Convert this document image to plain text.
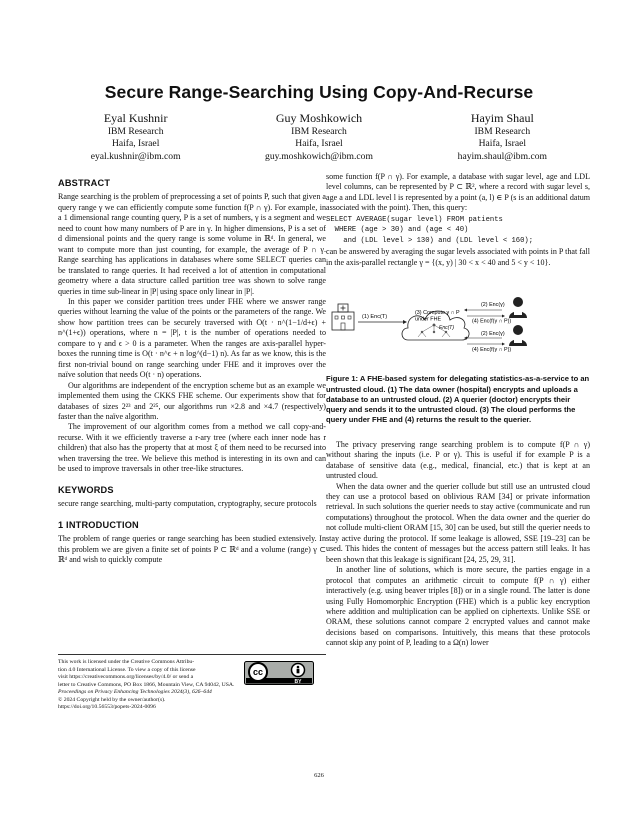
Secure Range-Searching Using Copy-And-Recurse
Eyal Kushnir
IBM Research
Haifa, Israel
eyal.kushnir@ibm.com
Guy Moshkowich
IBM Research
Haifa, Israel
guy.moshkowich@ibm.com
Hayim Shaul
IBM Research
Haifa, Israel
hayim.shaul@ibm.com
ABSTRACT

Range searching is the problem of preprocessing a set of points P, such that given a query range γ we can efficiently compute some function f(P ∩ γ). For example, in a 1 dimensional range counting query, P is a set of numbers, γ is a segment and we need to count how many numbers of P are in γ. In higher dimensions, P is a set of d dimensional points and the query range is some volume in ℝᵈ. In general, we want to compute more than just counting, for example, the average of P ∩ γ. Range searching has applications in databases where some SELECT queries can be translated to range queries. It had received a lot of attention in computational geometry where a data structure called partition tree was shown to solve range queries in time sub-linear in |P| using space only linear in |P|.

In this paper we consider partition trees under FHE where we answer range queries without learning the value of the points or the parameters of the range. We show how partition trees can be securely traversed with O(t · n^(1−1/d+ϵ) + n^(1+ϵ)) operations, where n = |P|, t is the number of operations needed to compare to γ and ϵ > 0 is a parameter. When the ranges are axis-parallel hyper-boxes the running time is O(t · n^ϵ + n log^(d−1) n). As far as we know, this is the first non-trivial bound on range searching under FHE and it improves over the naïve solution that needs O(t · n) operations.

Our algorithms are independent of the encryption scheme but as an example we implemented them using the CKKS FHE scheme. Our experiments show that for databases of sizes 2²³ and 2²⁵, our algorithms run ×2.8 and ×4.7 (respectively) faster than the naïve algorithm.

The improvement of our algorithm comes from a method we call copy-and-recurse. With it we efficiently traverse a r-ary tree (where each inner node has r children) that also has the property that at most ξ of them need to be recursed into when traversing the tree. We believe this method is interesting in its own and can be used to improve traversals in other tree-like structures.

KEYWORDS

secure range searching, multi-party computation, cryptography, secure protocols

1 INTRODUCTION

The problem of range queries or range searching has been studied extensively. In this problem we are given a finite set of points P ⊂ ℝᵈ and a volume (range) γ ⊂ ℝᵈ and wish to quickly compute

This work is licensed under the Creative Commons Attribu-
tion 4.0 International License. To view a copy of this license
visit https://creativecommons.org/licenses/by/4.0/ or send a
letter to Creative Commons, PO Box 1866, Mountain View, CA 94042, USA.
Proceedings on Privacy Enhancing Technologies 2024(3), 626–644
© 2024 Copyright held by the owner/author(s).
https://doi.org/10.56553/popets-2024-0096
cc
BY

some function f(P ∩ γ). For example, a database with sugar level, age and LDL level columns, can be represented by P ⊂ ℝ², where a record with sugar level s, age a and LDL level l is represented by a point (a, l) ∈ P (s is an additional datum associated with the point). Then, this query:

SELECT AVERAGE(sugar level) FROM patients
WHERE (age > 30) and (age < 40)
and (LDL level > 130) and (LDL level < 160);

can be answered by averaging the sugar levels associated with points in P that fall in the axis-parallel rectangle γ = {(x, y) | 30 < x < 40 and 5 < y < 10}.

(1) Enc(T)
(3) Compute γ ∩ P
under FHE
Enc(T)
(2) Enc(γ)
(4) Enc(f(γ ∩ P))
(2) Enc(γ)
(4) Enc(f(γ ∩ P))
Figure 1: A FHE-based system for delegating statistics-as-a-service to an untrusted cloud. (1) The data owner (hospital) encrypts and uploads a database to an untrusted cloud. (2) A querier (doctor) encrypts their query and sends it to the untrusted cloud. (3) The cloud performs the query under FHE and (4) returns the result to the querier.

The privacy preserving range searching problem is to compute f(P ∩ γ) without sharing the inputs (i.e. P or γ). This is useful if for example P is a database of sensitive data (e.g., medical, financial, etc.) that is kept at an untrusted cloud.

When the data owner and the querier collude but still use an untrusted cloud they can use a protocol based on oblivious RAM [34] or private information retrieval. In such solutions the querier needs to stay active (communicate and run computations) throughout the protocol. When the data owner and the querier do not collude multi-client ORAM [15, 30] can be used, but still the querier needs to stay active during the protocol. If some leakage is allowed, SSE [19–23] can be used. This hides the content of messages but the access pattern still leaks. It has been shown that this leakage is significant [24, 25, 29, 31].

In another line of solutions, which is more secure, the parties engage in a protocol that computes an arithmetic circuit to compute f(P ∩ γ) either interactively (e.g. using beaver triples [8]) or in a single round. The latter is done using Fully Homomorphic Encryption (FHE) which is a public key encryption where addition and multiplication can be applied on ciphertexts. Unlike SSE or ORAM, these solutions cannot compare 2 encrypted values and cannot make decisions based on comparisons. Intuitively, this means that these protocols cannot skip any point of P, leading to a Ω(n) lower

626
